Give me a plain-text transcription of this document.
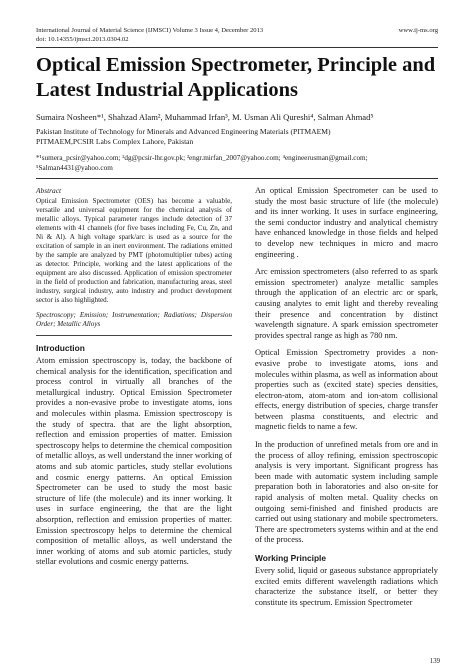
International Journal of Material Science (IJMSCI) Volume 3 Issue 4, December 2013	www.ij-ms.org
doi: 10.14355/ijmsci.2013.0304.02
Optical Emission Spectrometer, Principle and Latest Industrial Applications
Sumaira Nosheen*¹, Shahzad Alam², Muhammad Irfan³, M. Usman Ali Qureshi⁴, Salman Ahmad⁵
Pakistan Institute of Technology for Minerals and Advanced Engineering Materials (PITMAEM)
PITMAEM,PCSIR Labs Complex Lahore, Pakistan
*¹sumera_pcsir@yahoo.com; ²dg@pcsir-lhr.gov.pk; ³engr.mirfan_2007@yahoo.com; ⁴engineerusman@gmail.com;
⁵Salman4431@yahoo.com
Abstract

Optical Emission Spectrometer (OES) has become a valuable, versatile and universal equipment for the chemical analysis of metallic alloys. Typical parameter ranges include detection of 37 elements with 41 channels (for five bases including Fe, Cu, Zn, and Ni & Al). A high voltage spark/arc is used as a source for the excitation of sample in an inert environment. The radiations emitted by the sample are analyzed by PMT (photomultiplier tubes) acting as detector. Principle, working and the latest applications of the equipment are also discussed. Application of emission spectrometer in the field of production and fabrication, manufacturing areas, steel industry, surgical industry, auto industry and product development sector is also highlighted.

Spectroscopy; Emission; Instrumentation; Radiations; Dispersion Order; Metallic Alloys

Introduction

Atom emission spectroscopy is, today, the backbone of chemical analysis for the identification, specification and process control in virtually all branches of the metallurgical industry. Optical Emission Spectrometer provides a non-evasive probe to investigate atoms, ions and molecules within plasma. Emission spectroscopy is the study of spectra. that are the light absorption, reflection and emission properties of matter. Emission spectroscopy helps to determine the chemical composition of metallic alloys, as well understand the inner working of atoms and sub atomic particles, study stellar evolutions and cosmic energy patterns. An optical Emission Spectrometer can be used to study the most basic structure of life (the molecule) and its inner working. It uses in surface engineering, the that are the light absorption, reflection and emission properties of matter. Emission spectroscopy helps to determine the chemical composition of metallic alloys, as well understand the inner working of atoms and sub atomic particles, study stellar evolutions and cosmic energy patterns.

An optical Emission Spectrometer can be used to study the most basic structure of life (the molecule) and its inner working. It uses in surface engineering, the semi conductor industry and analytical chemistry have enhanced knowledge in those fields and helped to develop new techniques in micro and macro engineering .

Arc emission spectrometers (also referred to as spark emission spectrometer) analyze metallic samples through the application of an electric arc or spark, causing analytes to emit light and thereby revealing their presence and concentration by distinct wavelength signature. A spark emission spectrometer provides spectral range as high as 780 nm.

Optical Emission Spectrometry provides a non-evasive probe to investigate atoms, ions and molecules within plasma, as well as information about properties such as (excited state) species densities, electron-atom, atom-atom and ion-atom collisional effects, energy distribution of species, charge transfer between plasma constituents, and electric and magnetic fields to name a few.

In the production of unrefined metals from ore and in the process of alloy refining, emission spectroscopic analysis is very important. Significant progress has been made with automatic system including sample preparation both in laboratories and also on-site for rapid analysis of molten metal. Quality checks on outgoing semi-finished and finished products are carried out using stationary and mobile spectrometers. There are spectrometers systems within and at the end of the process.

Working Principle

Every solid, liquid or gaseous substance appropriately excited emits different wavelength radiations which characterize the substance itself, or better they constitute its spectrum. Emission Spectrometer

139
